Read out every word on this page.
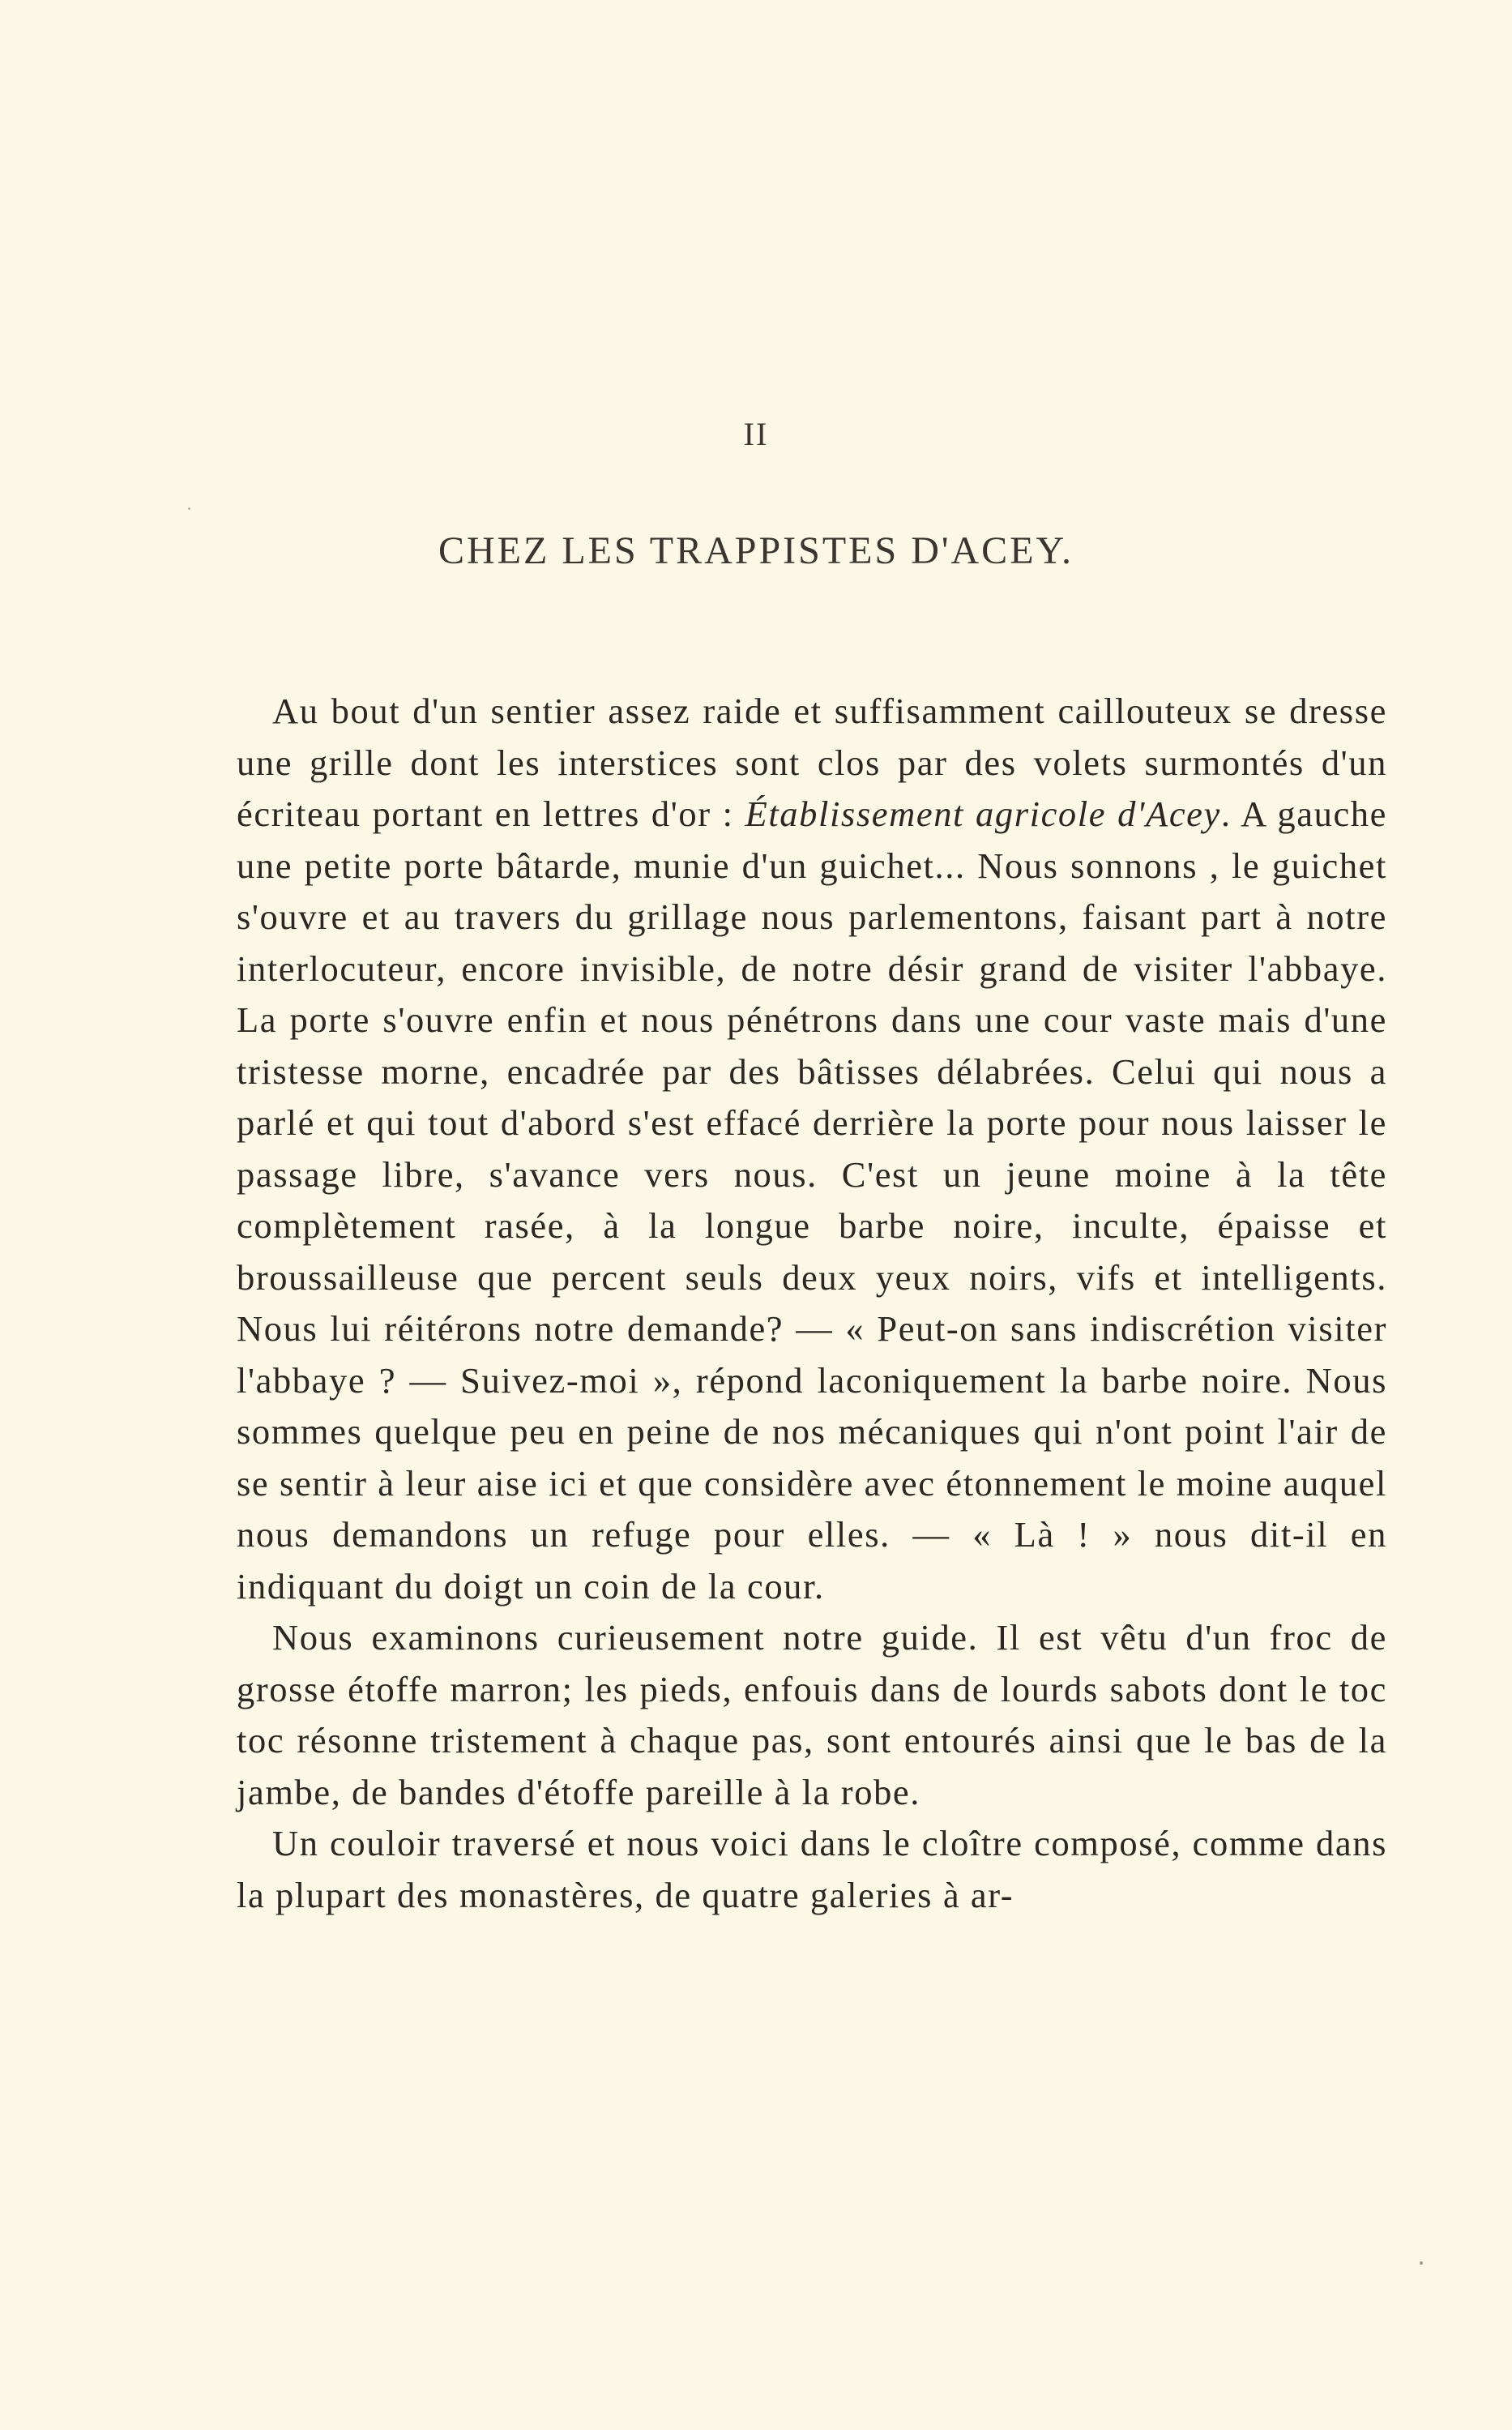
II
CHEZ LES TRAPPISTES D'ACEY.

Au bout d'un sentier assez raide et suffisamment caillouteux se dresse une grille dont les interstices sont clos par des volets surmontés d'un écriteau portant en lettres d'or : Établissement agricole d'Acey. A gauche une petite porte bâtarde, munie d'un guichet... Nous sonnons , le guichet s'ouvre et au travers du grillage nous parlementons, faisant part à notre interlocuteur, encore invisible, de notre désir grand de visiter l'abbaye. La porte s'ouvre enfin et nous pénétrons dans une cour vaste mais d'une tristesse morne, encadrée par des bâtisses délabrées. Celui qui nous a parlé et qui tout d'abord s'est effacé derrière la porte pour nous laisser le passage libre, s'avance vers nous. C'est un jeune moine à la tête complètement rasée, à la longue barbe noire, inculte, épaisse et broussailleuse que percent seuls deux yeux noirs, vifs et intelligents. Nous lui réitérons notre demande? — « Peut-on sans indiscrétion visiter l'abbaye ? — Suivez-moi », répond laconiquement la barbe noire. Nous sommes quelque peu en peine de nos mécaniques qui n'ont point l'air de se sentir à leur aise ici et que considère avec étonnement le moine auquel nous demandons un refuge pour elles. — « Là ! » nous dit-il en indiquant du doigt un coin de la cour.

Nous examinons curieusement notre guide. Il est vêtu d'un froc de grosse étoffe marron; les pieds, enfouis dans de lourds sabots dont le toc toc résonne tristement à chaque pas, sont entourés ainsi que le bas de la jambe, de bandes d'étoffe pareille à la robe.

Un couloir traversé et nous voici dans le cloître composé, comme dans la plupart des monastères, de quatre galeries à ar-
